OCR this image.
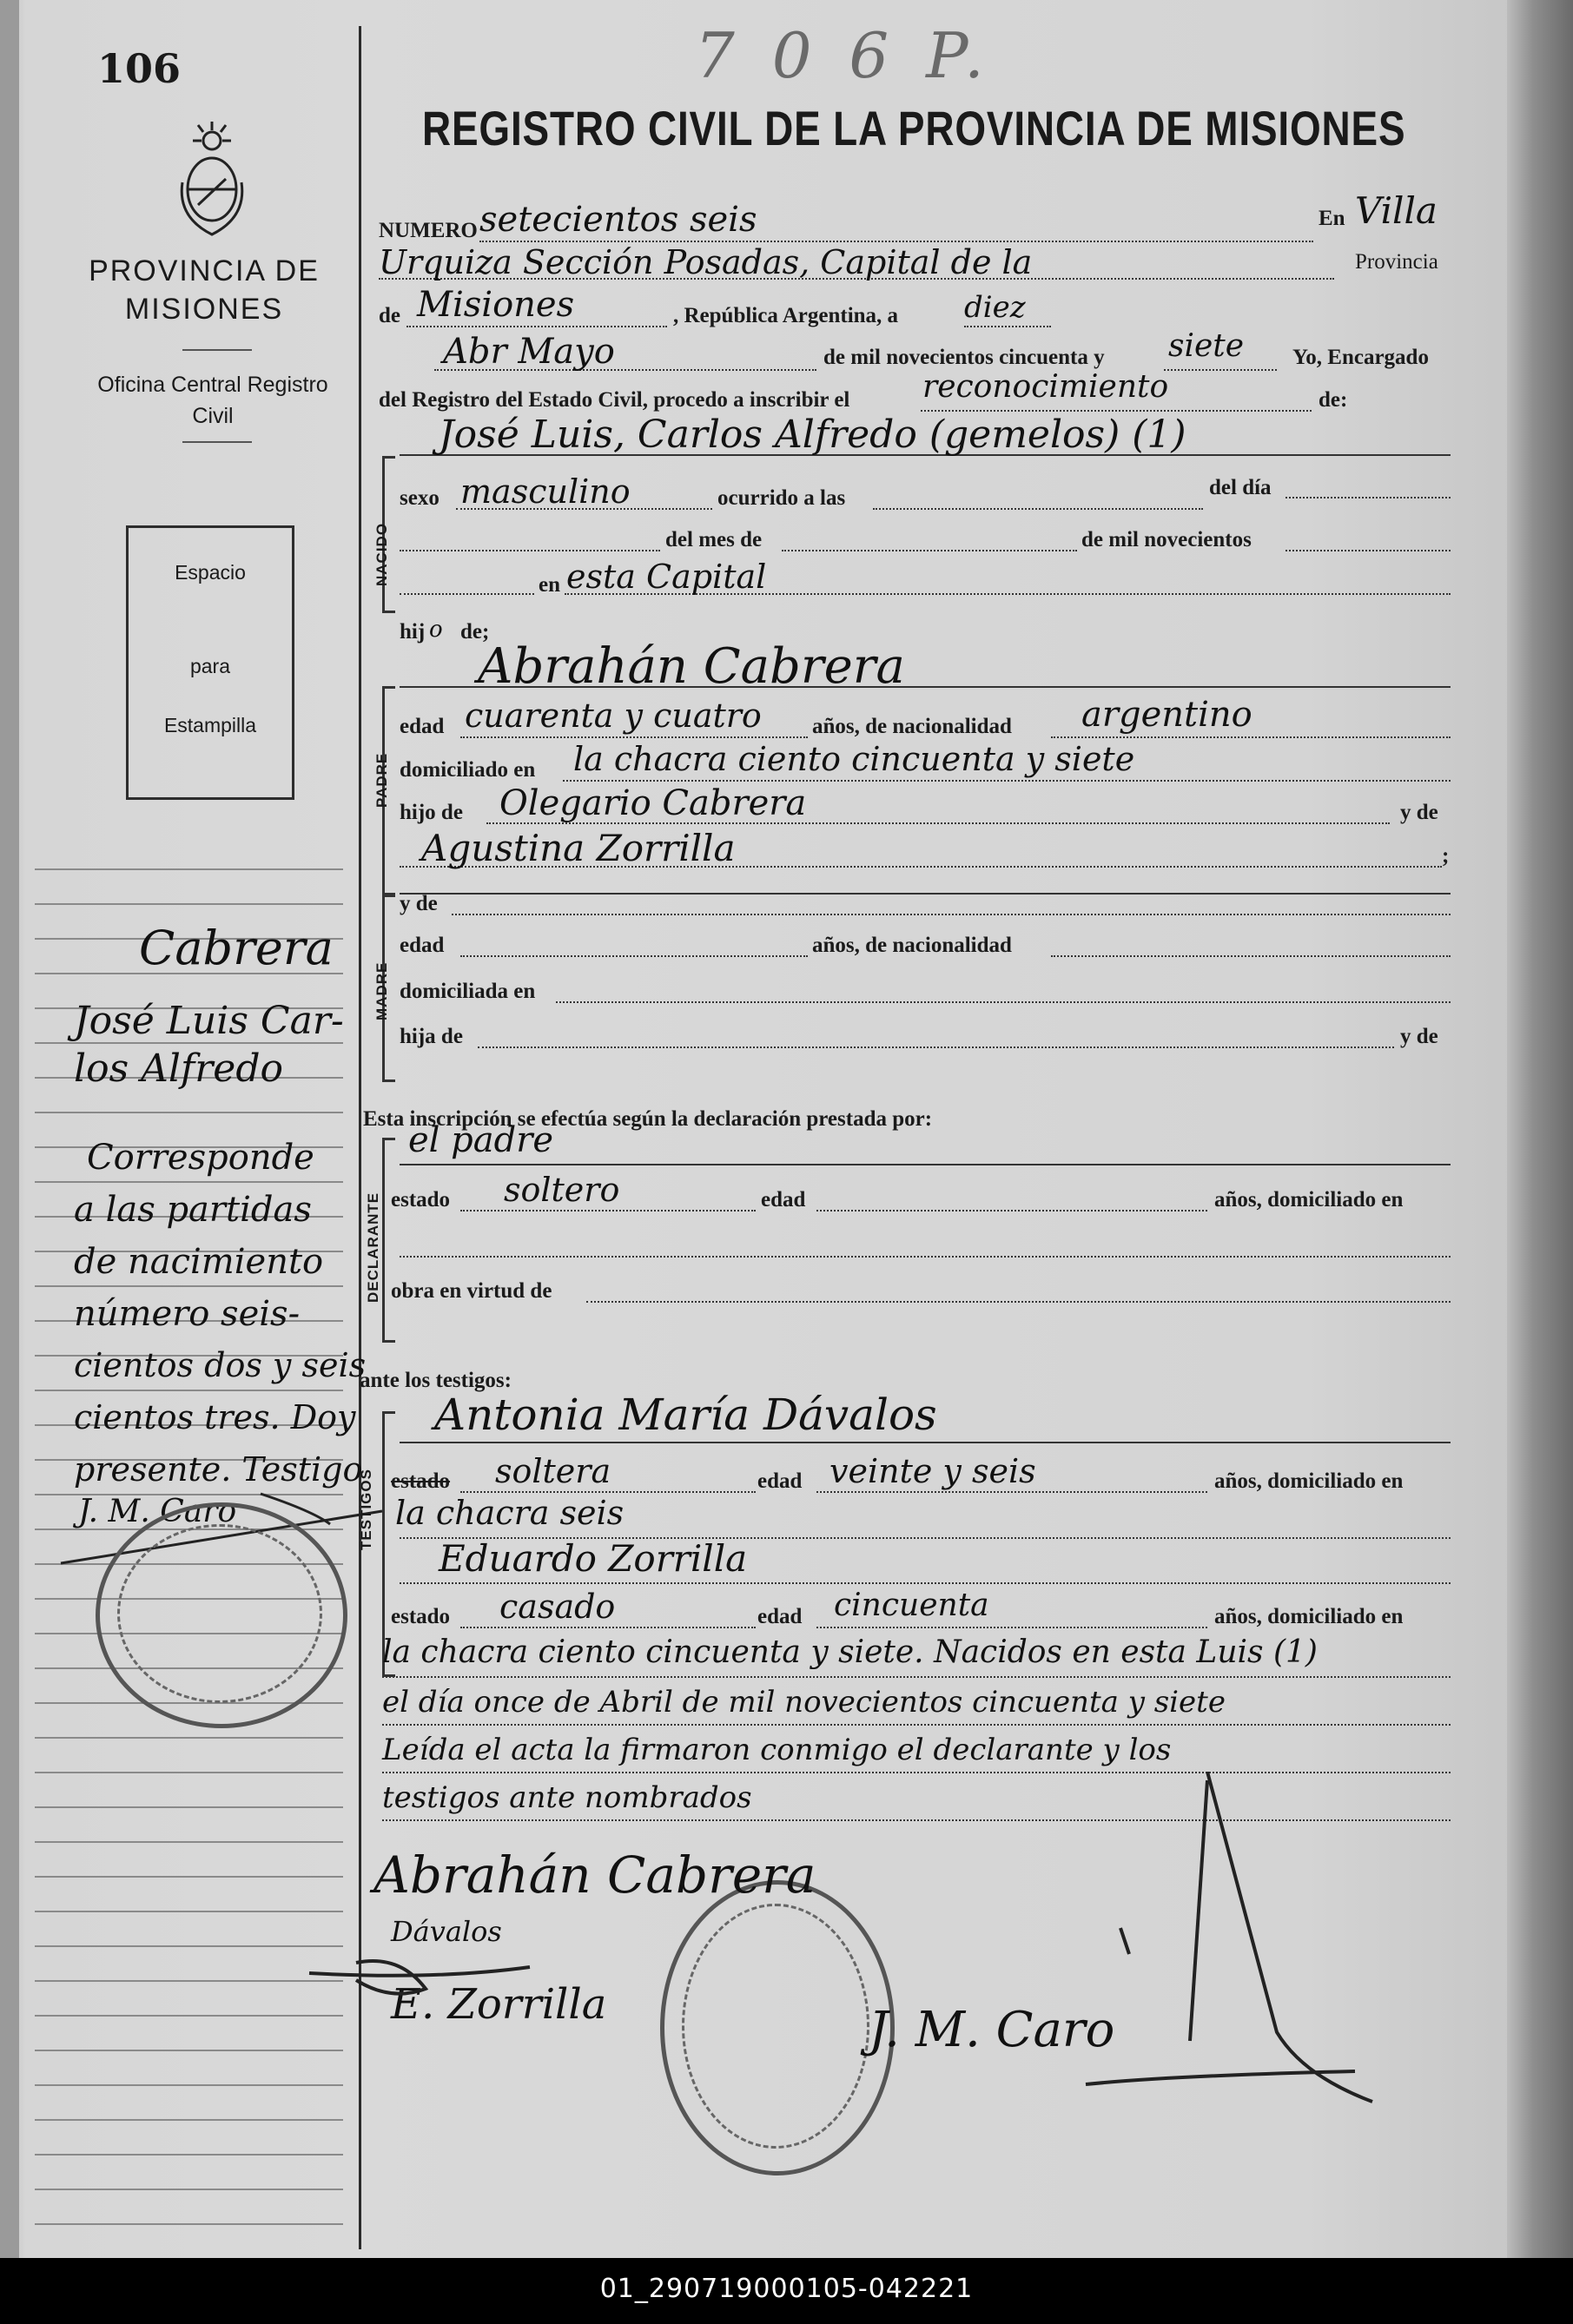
01_290719000105-042221
106	7 0 6 P.
PROVINCIA DE MISIONES
Oficina Central Registro Civil
Espacio
para
Estampilla
Cabrera
José Luis Car-
los Alfredo
Corresponde
a las partidas
de nacimiento
número seis-
cientos dos y seis
cientos tres. Doy
presente. Testigo
J. M. Caro
REGISTRO CIVIL DE LA PROVINCIA DE MISIONES
NUMERO setecientos seis	En Villa
Urquiza Sección Posadas, Capital de la	Provincia
de Misiones	, República Argentina, a diez
Abr Mayo	de mil novecientos cincuenta y siete Yo, Encargado
del Registro del Estado Civil, procedo a inscribir el reconocimiento	de:
NACIDO
José Luis, Carlos Alfredo (gemelos) (1)
sexo masculino	ocurrido a las	del día
del mes de	de mil novecientos
en esta Capital
hij o de;
PADRE
Abrahán Cabrera
edad cuarenta y cuatro años, de nacionalidad argentino
domiciliado en la chacra ciento cincuenta y siete
hijo de Olegario Cabrera	y de
Agustina Zorrilla	;
MADRE
y de
edad	años, de nacionalidad
domiciliada en
hija de	y de
Esta inscripción se efectúa según la declaración prestada por:
DECLARANTE
el padre
estado soltero	edad	años, domiciliado en
obra en virtud de
ante los testigos:
TESTIGOS
Antonia María Dávalos
estado soltera	edad veinte y seis	años, domiciliado en
la chacra seis
Eduardo Zorrilla
estado casado	edad cincuenta	años, domiciliado en
la chacra ciento cincuenta y siete. Nacidos en esta Luis (1)
el día once de Abril de mil novecientos cincuenta y siete
Leída el acta la firmaron conmigo el declarante y los
testigos ante nombrados
Abrahán Cabrera
Dávalos
E. Zorrilla	J. M. Caro
